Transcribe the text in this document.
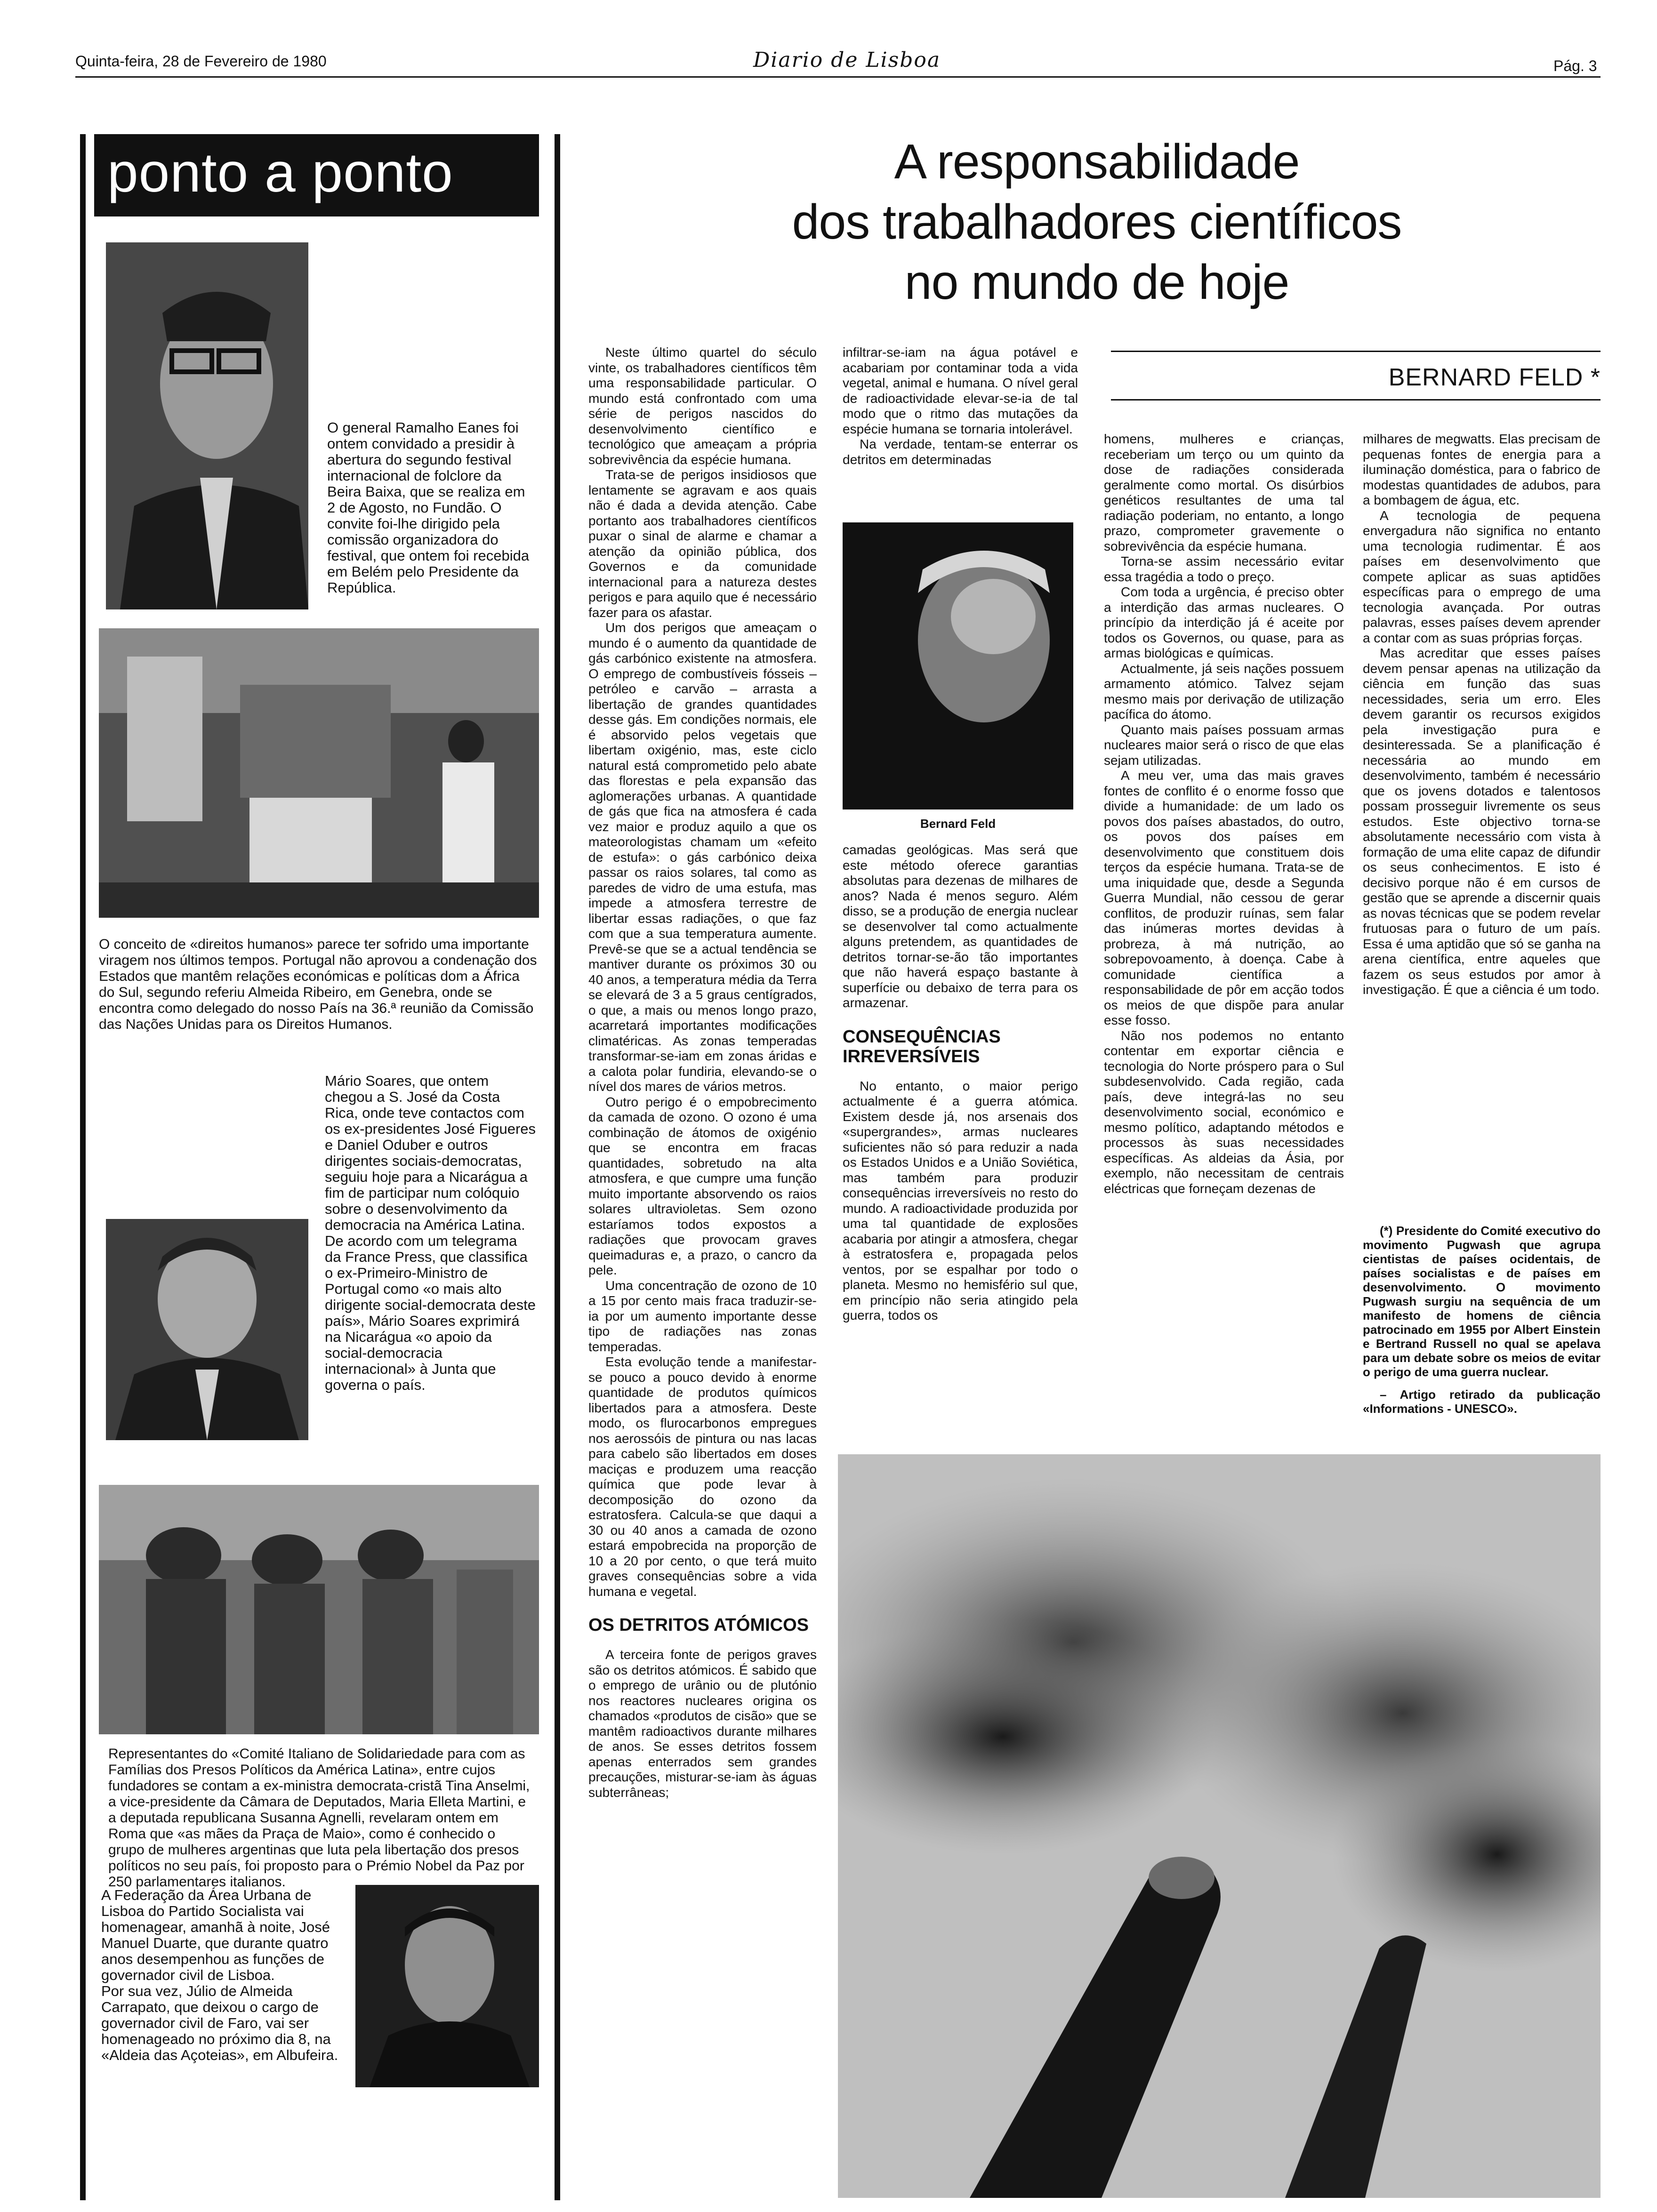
Quinta-feira, 28 de Fevereiro de 1980	Diario de Lisboa	Pág. 3
ponto a ponto

O general Ramalho Eanes foi ontem convidado a presidir à abertura do segundo festival internacional de folclore da Beira Baixa, que se realiza em 2 de Agosto, no Fundão. O convite foi-lhe dirigido pela comissão organizadora do festival, que ontem foi recebida em Belém pelo Presidente da República.

O conceito de «direitos humanos» parece ter sofrido uma importante viragem nos últimos tempos. Portugal não aprovou a condenação dos Estados que mantêm relações económicas e políticas dom a África do Sul, segundo referiu Almeida Ribeiro, em Genebra, onde se encontra como delegado do nosso País na 36.ª reunião da Comissão das Nações Unidas para os Direitos Humanos.

Mário Soares, que ontem chegou a S. José da Costa Rica, onde teve contactos com os ex-presidentes José Figueres e Daniel Oduber e outros dirigentes sociais-democratas, seguiu hoje para a Nicarágua a fim de participar num colóquio sobre o desenvolvimento da democracia na América Latina.

De acordo com um telegrama da France Press, que classifica o ex-Primeiro-Ministro de Portugal como «o mais alto dirigente social-democrata deste país», Mário Soares exprimirá na Nicarágua «o apoio da social-democracia internacional» à Junta que governa o país.

Representantes do «Comité Italiano de Solidariedade para com as Famílias dos Presos Políticos da América Latina», entre cujos fundadores se contam a ex-ministra democrata-cristã Tina Anselmi, a vice-presidente da Câmara de Deputados, Maria Elleta Martini, e a deputada republicana Susanna Agnelli, revelaram ontem em Roma que «as mães da Praça de Maio», como é conhecido o grupo de mulheres argentinas que luta pela libertação dos presos políticos no seu país, foi proposto para o Prémio Nobel da Paz por 250 parlamentares italianos.

A Federação da Área Urbana de Lisboa do Partido Socialista vai homenagear, amanhã à noite, José Manuel Duarte, que durante quatro anos desempenhou as funções de governador civil de Lisboa.

Por sua vez, Júlio de Almeida Carrapato, que deixou o cargo de governador civil de Faro, vai ser homenageado no próximo dia 8, na «Aldeia das Açoteias», em Albufeira.

A responsabilidade
dos trabalhadores científicos
no mundo de hoje
BERNARD FELD *

Neste último quartel do século vinte, os trabalhadores científicos têm uma responsabilidade particular. O mundo está confrontado com uma série de perigos nascidos do desenvolvimento científico e tecnológico que ameaçam a própria sobrevivência da espécie humana.

Trata-se de perigos insidiosos que lentamente se agravam e aos quais não é dada a devida atenção. Cabe portanto aos trabalhadores científicos puxar o sinal de alarme e chamar a atenção da opinião pública, dos Governos e da comunidade internacional para a natureza destes perigos e para aquilo que é necessário fazer para os afastar.

Um dos perigos que ameaçam o mundo é o aumento da quantidade de gás carbónico existente na atmosfera. O emprego de combustíveis fósseis – petróleo e carvão – arrasta a libertação de grandes quantidades desse gás. Em condições normais, ele é absorvido pelos vegetais que libertam oxigénio, mas, este ciclo natural está comprometido pelo abate das florestas e pela expansão das aglomerações urbanas. A quantidade de gás que fica na atmosfera é cada vez maior e produz aquilo a que os mateorologistas chamam um «efeito de estufa»: o gás carbónico deixa passar os raios solares, tal como as paredes de vidro de uma estufa, mas impede a atmosfera terrestre de libertar essas radiações, o que faz com que a sua temperatura aumente. Prevê-se que se a actual tendência se mantiver durante os próximos 30 ou 40 anos, a temperatura média da Terra se elevará de 3 a 5 graus centígrados, o que, a mais ou menos longo prazo, acarretará importantes modificações climatéricas. As zonas temperadas transformar-se-iam em zonas áridas e a calota polar fundiria, elevando-se o nível dos mares de vários metros.

Outro perigo é o empobrecimento da camada de ozono. O ozono é uma combinação de átomos de oxigénio que se encontra em fracas quantidades, sobretudo na alta atmosfera, e que cumpre uma função muito importante absorvendo os raios solares ultravioletas. Sem ozono estaríamos todos expostos a radiações que provocam graves queimaduras e, a prazo, o cancro da pele.

Uma concentração de ozono de 10 a 15 por cento mais fraca traduzir-se-ia por um aumento importante desse tipo de radiações nas zonas temperadas.

Esta evolução tende a manifestar-se pouco a pouco devido à enorme quantidade de produtos químicos libertados para a atmosfera. Deste modo, os flurocarbonos empregues nos aerossóis de pintura ou nas lacas para cabelo são libertados em doses maciças e produzem uma reacção química que pode levar à decomposição do ozono da estratosfera. Calcula-se que daqui a 30 ou 40 anos a camada de ozono estará empobrecida na proporção de 10 a 20 por cento, o que terá muito graves consequências sobre a vida humana e vegetal.

OS DETRITOS ATÓMICOS

A terceira fonte de perigos graves são os detritos atómicos. É sabido que o emprego de urânio ou de plutónio nos reactores nucleares origina os chamados «produtos de cisão» que se mantêm radioactivos durante milhares de anos. Se esses detritos fossem apenas enterrados sem grandes precauções, misturar-se-iam às águas subterrâneas;

infiltrar-se-iam na água potável e acabariam por contaminar toda a vida vegetal, animal e humana. O nível geral de radioactividade elevar-se-ia de tal modo que o ritmo das mutações da espécie humana se tornaria intolerável.

Na verdade, tentam-se enterrar os detritos em determinadas

Bernard Feld

camadas geológicas. Mas será que este método oferece garantias absolutas para dezenas de milhares de anos? Nada é menos seguro. Além disso, se a produção de energia nuclear se desenvolver tal como actualmente alguns pretendem, as quantidades de detritos tornar-se-ão tão importantes que não haverá espaço bastante à superfície ou debaixo de terra para os armazenar.

CONSEQUÊNCIAS IRREVERSÍVEIS

No entanto, o maior perigo actualmente é a guerra atómica. Existem desde já, nos arsenais dos «supergrandes», armas nucleares suficientes não só para reduzir a nada os Estados Unidos e a União Soviética, mas também para produzir consequências irreversíveis no resto do mundo. A radioactividade produzida por uma tal quantidade de explosões acabaria por atingir a atmosfera, chegar à estratosfera e, propagada pelos ventos, por se espalhar por todo o planeta. Mesmo no hemisfério sul que, em princípio não seria atingido pela guerra, todos os

homens, mulheres e crianças, receberiam um terço ou um quinto da dose de radiações considerada geralmente como mortal. Os disúrbios genéticos resultantes de uma tal radiação poderiam, no entanto, a longo prazo, comprometer gravemente o sobrevivência da espécie humana.

Torna-se assim necessário evitar essa tragédia a todo o preço.

Com toda a urgência, é preciso obter a interdição das armas nucleares. O princípio da interdição já é aceite por todos os Governos, ou quase, para as armas biológicas e químicas.

Actualmente, já seis nações possuem armamento atómico. Talvez sejam mesmo mais por derivação de utilização pacífica do átomo.

Quanto mais países possuam armas nucleares maior será o risco de que elas sejam utilizadas.

A meu ver, uma das mais graves fontes de conflito é o enorme fosso que divide a humanidade: de um lado os povos dos países abastados, do outro, os povos dos países em desenvolvimento que constituem dois terços da espécie humana. Trata-se de uma iniquidade que, desde a Segunda Guerra Mundial, não cessou de gerar conflitos, de produzir ruínas, sem falar das inúmeras mortes devidas à probreza, à má nutrição, ao sobrepovoamento, à doença. Cabe à comunidade científica a responsabilidade de pôr em acção todos os meios de que dispõe para anular esse fosso.

Não nos podemos no entanto contentar em exportar ciência e tecnologia do Norte próspero para o Sul subdesenvolvido. Cada região, cada país, deve integrá-las no seu desenvolvimento social, económico e mesmo político, adaptando métodos e processos às suas necessidades específicas. As aldeias da Ásia, por exemplo, não necessitam de centrais eléctricas que forneçam dezenas de

milhares de megwatts. Elas precisam de pequenas fontes de energia para a iluminação doméstica, para o fabrico de modestas quantidades de adubos, para a bombagem de água, etc.

A tecnologia de pequena envergadura não significa no entanto uma tecnologia rudimentar. É aos países em desenvolvimento que compete aplicar as suas aptidões específicas para o emprego de uma tecnologia avançada. Por outras palavras, esses países devem aprender a contar com as suas próprias forças.

Mas acreditar que esses países devem pensar apenas na utilização da ciência em função das suas necessidades, seria um erro. Eles devem garantir os recursos exigidos pela investigação pura e desinteressada. Se a planificação é necessária ao mundo em desenvolvimento, também é necessário que os jovens dotados e talentosos possam prosseguir livremente os seus estudos. Este objectivo torna-se absolutamente necessário com vista à formação de uma elite capaz de difundir os seus conhecimentos. E isto é decisivo porque não é em cursos de gestão que se aprende a discernir quais as novas técnicas que se podem revelar frutuosas para o futuro de um país. Essa é uma aptidão que só se ganha na arena científica, entre aqueles que fazem os seus estudos por amor à investigação. É que a ciência é um todo.

(*) Presidente do Comité executivo do movimento Pugwash que agrupa cientistas de países ocidentais, de países socialistas e de países em desenvolvimento. O movimento Pugwash surgiu na sequência de um manifesto de homens de ciência patrocinado em 1955 por Albert Einstein e Bertrand Russell no qual se apelava para um debate sobre os meios de evitar o perigo de uma guerra nuclear.

– Artigo retirado da publicação «Informations - UNESCO».
